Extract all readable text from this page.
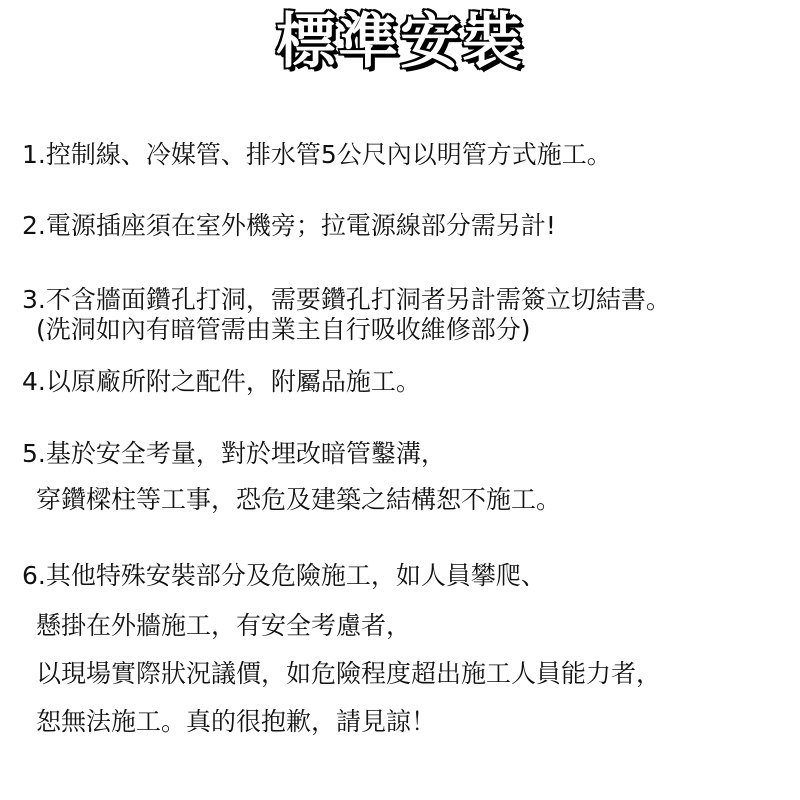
標準安裝
1.控制線、冷媒管、排水管5公尺內以明管方式施工。
2.電源插座須在室外機旁；拉電源線部分需另計!
3.不含牆面鑽孔打洞，需要鑽孔打洞者另計需簽立切結書。
(洗洞如內有暗管需由業主自行吸收維修部分)
4.以原廠所附之配件，附屬品施工。
5.基於安全考量，對於埋改暗管鑿溝，
穿鑽樑柱等工事，恐危及建築之結構恕不施工。
6.其他特殊安裝部分及危險施工，如人員攀爬、
懸掛在外牆施工，有安全考慮者，
以現場實際狀況議價，如危險程度超出施工人員能力者，
恕無法施工。真的很抱歉，請見諒！
